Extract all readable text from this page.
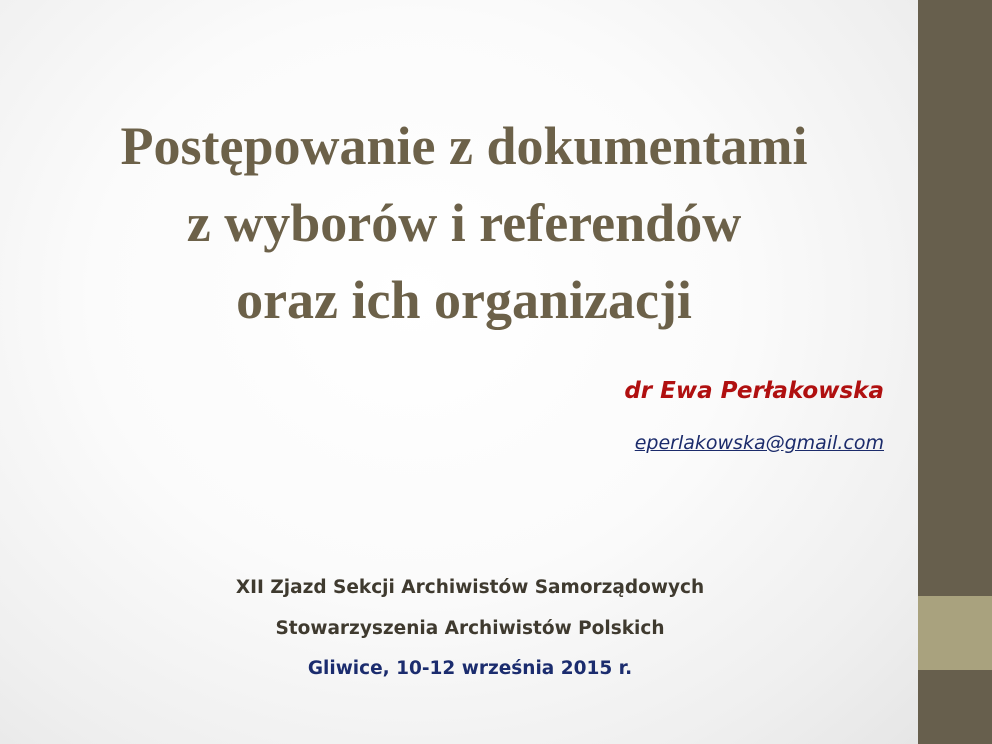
Postępowanie z dokumentami
z wyborów i referendów
oraz ich organizacji
dr Ewa Perłakowska
eperlakowska@gmail.com
XII Zjazd Sekcji Archiwistów Samorządowych
Stowarzyszenia Archiwistów Polskich
Gliwice, 10-12 września 2015 r.
